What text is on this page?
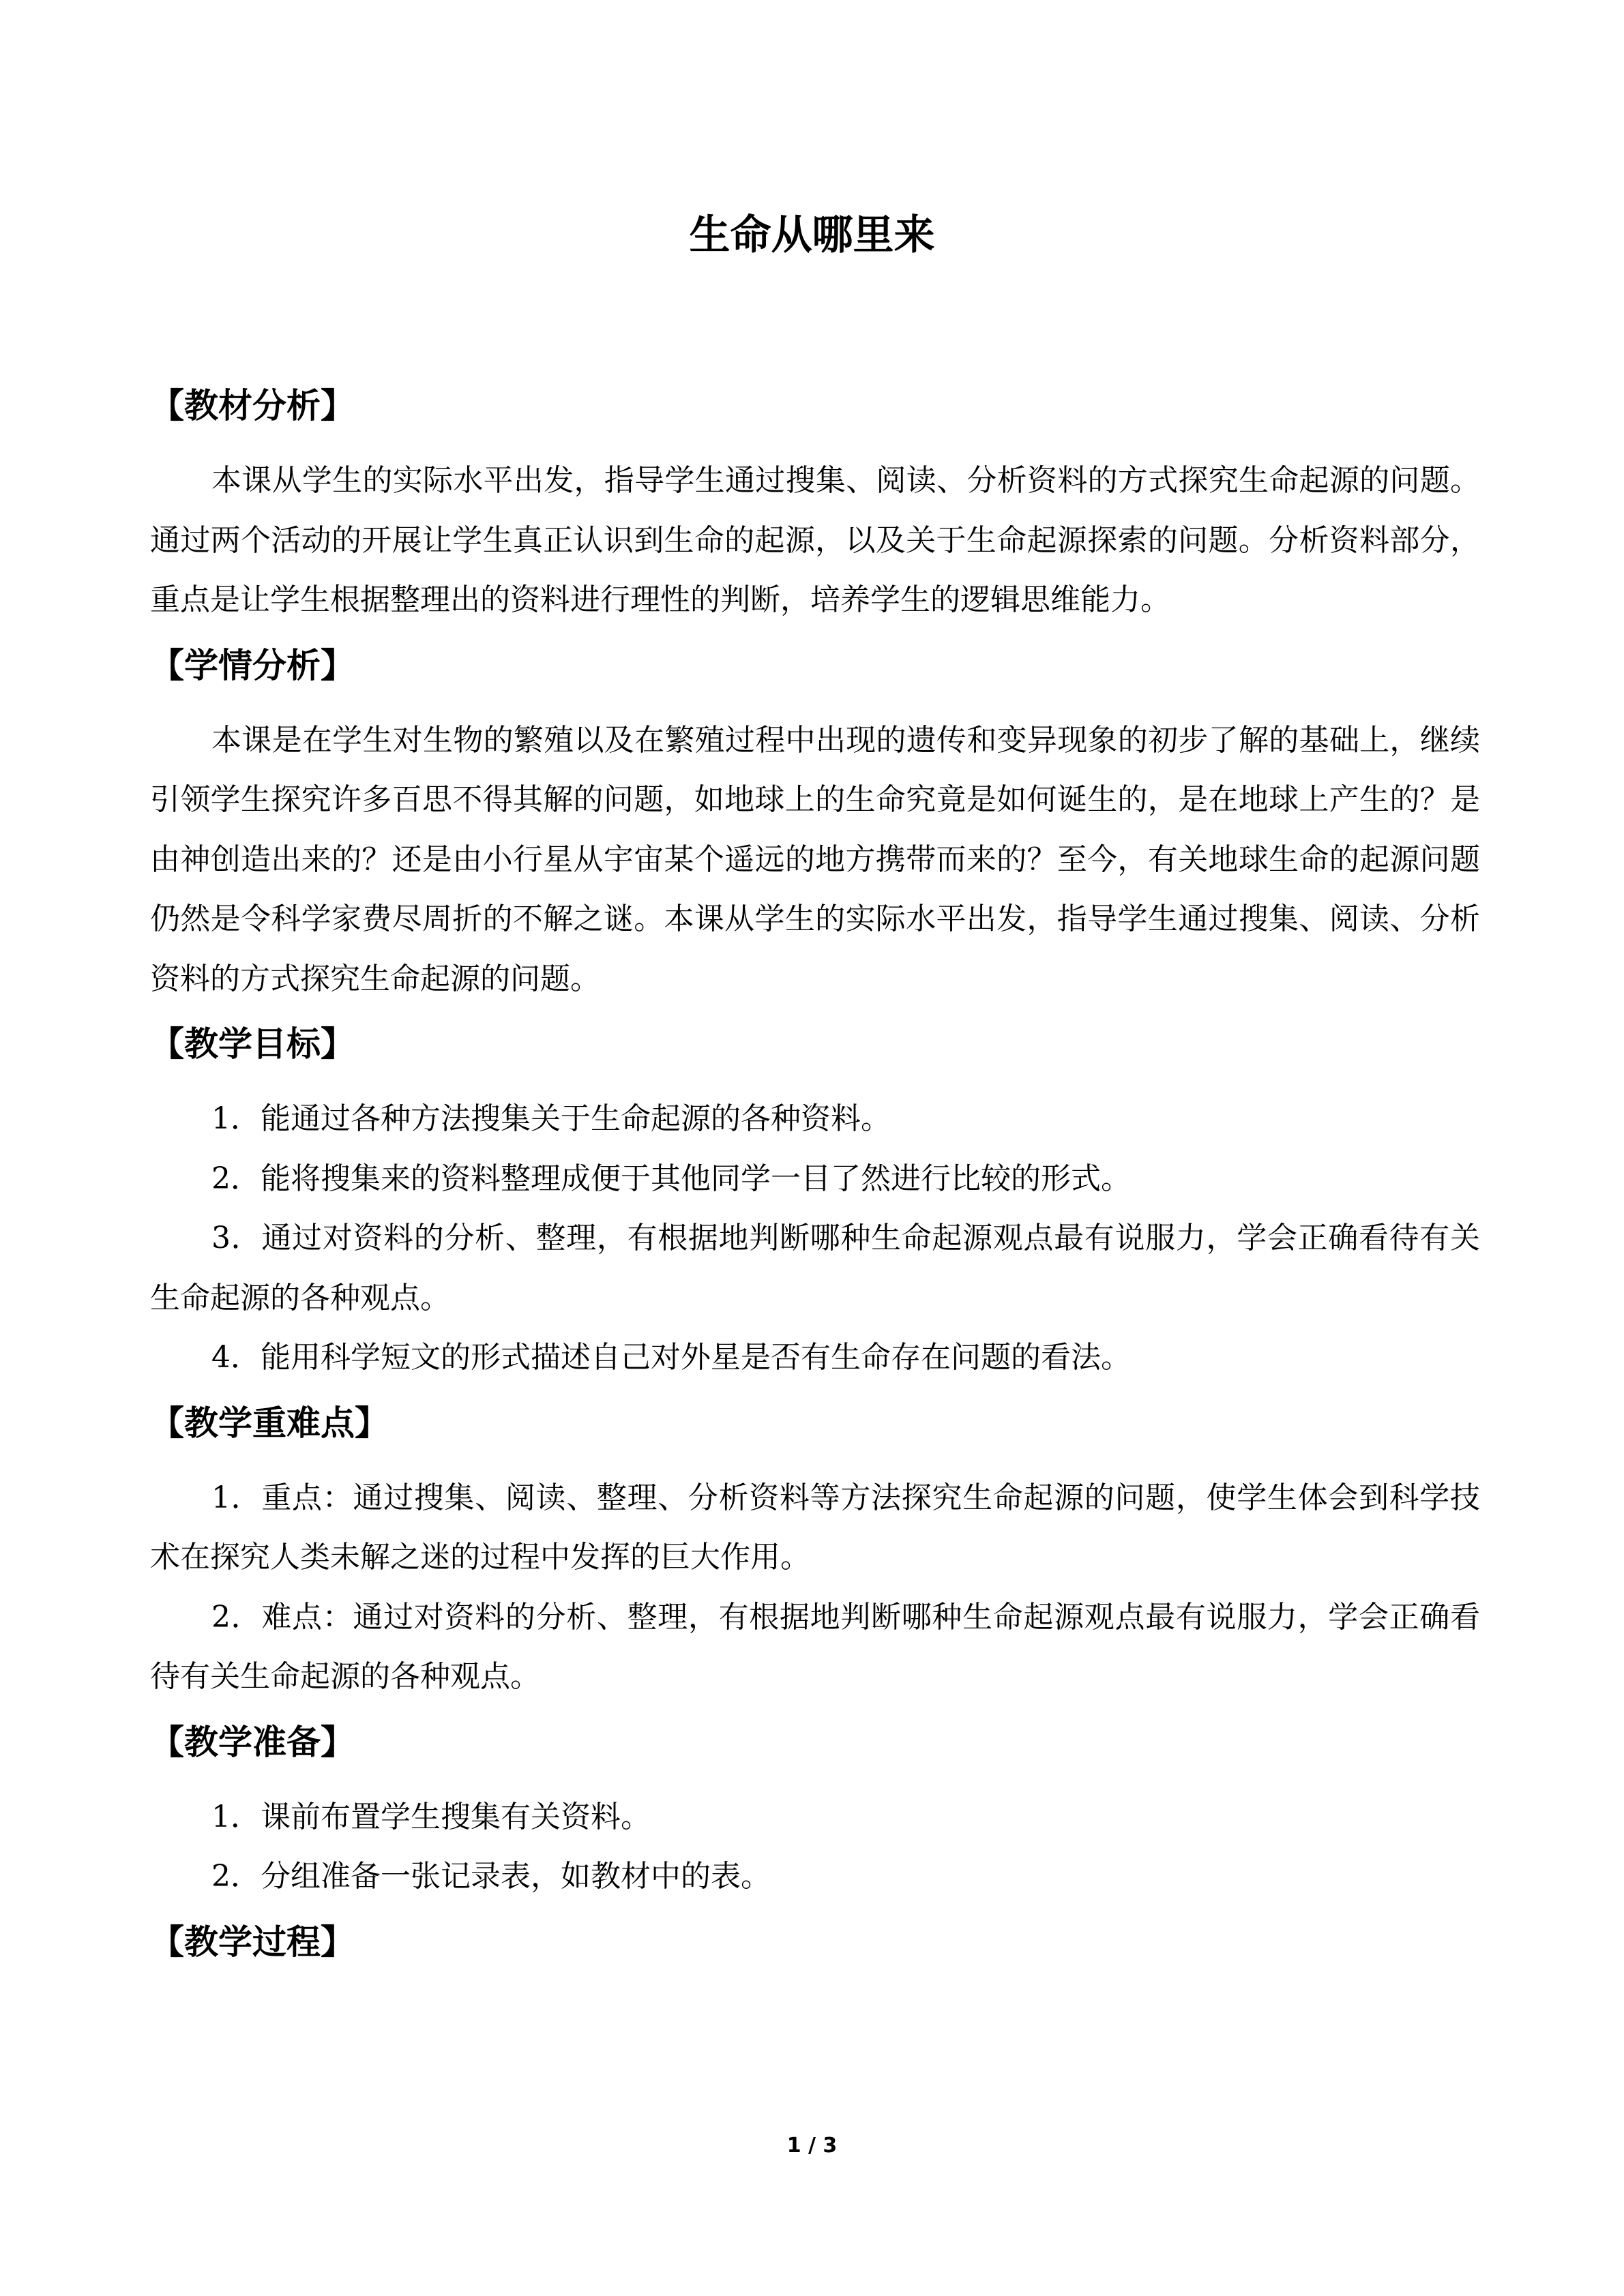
生命从哪里来
【教材分析】

本课从学生的实际水平出发，指导学生通过搜集、阅读、分析资料的方式探究生命起源的问题。通过两个活动的开展让学生真正认识到生命的起源，以及关于生命起源探索的问题。分析资料部分，重点是让学生根据整理出的资料进行理性的判断，培养学生的逻辑思维能力。

【学情分析】

本课是在学生对生物的繁殖以及在繁殖过程中出现的遗传和变异现象的初步了解的基础上，继续引领学生探究许多百思不得其解的问题，如地球上的生命究竟是如何诞生的，是在地球上产生的？是由神创造出来的？还是由小行星从宇宙某个遥远的地方携带而来的？至今，有关地球生命的起源问题仍然是令科学家费尽周折的不解之谜。本课从学生的实际水平出发，指导学生通过搜集、阅读、分析资料的方式探究生命起源的问题。

【教学目标】

1．能通过各种方法搜集关于生命起源的各种资料。

2．能将搜集来的资料整理成便于其他同学一目了然进行比较的形式。

3．通过对资料的分析、整理，有根据地判断哪种生命起源观点最有说服力，学会正确看待有关生命起源的各种观点。

4．能用科学短文的形式描述自己对外星是否有生命存在问题的看法。

【教学重难点】

1．重点：通过搜集、阅读、整理、分析资料等方法探究生命起源的问题，使学生体会到科学技术在探究人类未解之迷的过程中发挥的巨大作用。

2．难点：通过对资料的分析、整理，有根据地判断哪种生命起源观点最有说服力，学会正确看待有关生命起源的各种观点。

【教学准备】

1．课前布置学生搜集有关资料。

2．分组准备一张记录表，如教材中的表。

【教学过程】
1 / 3
